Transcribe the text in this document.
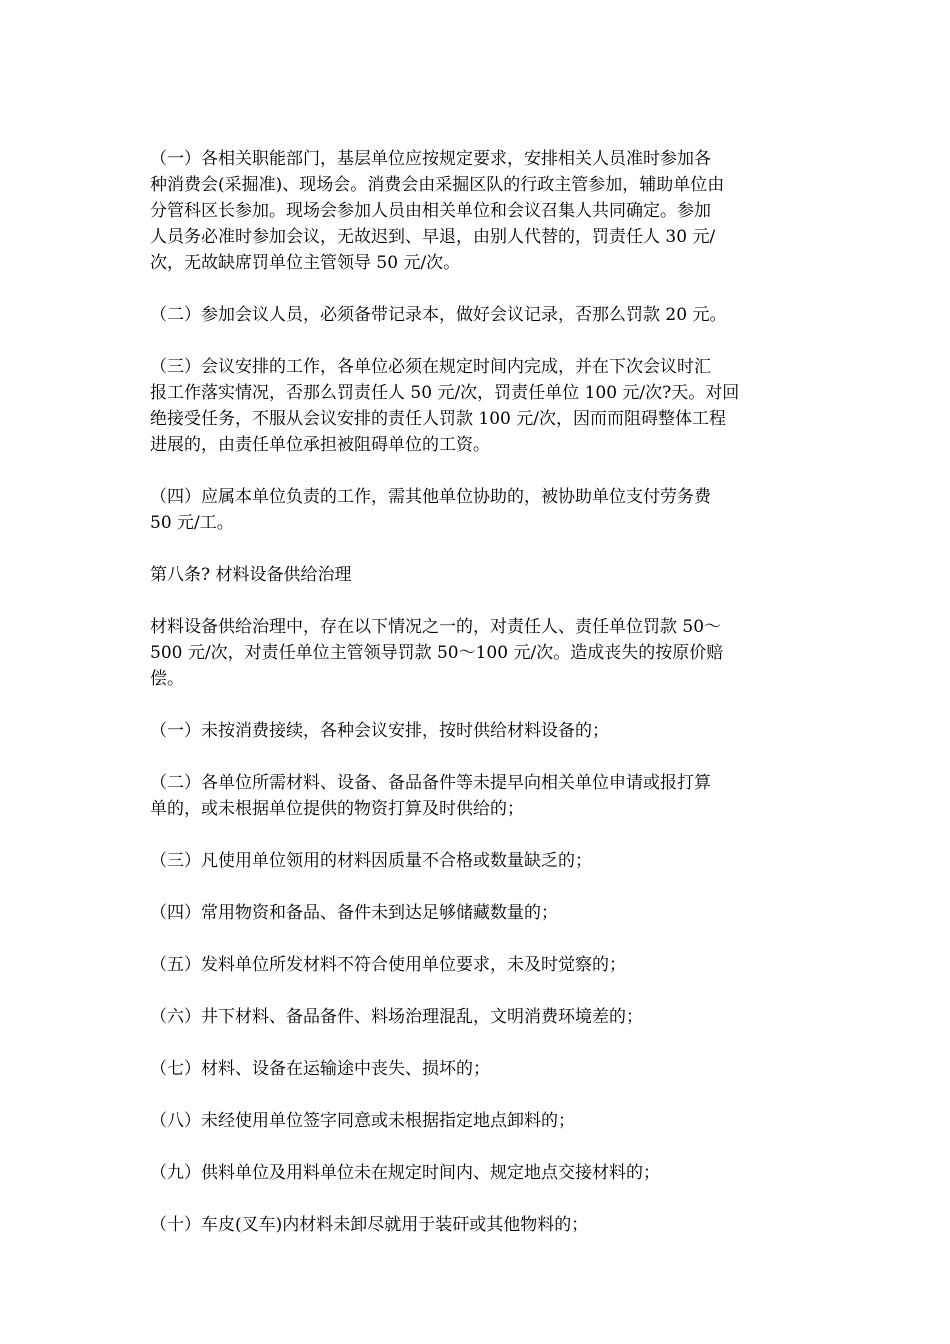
（一）各相关职能部门，基层单位应按规定要求，安排相关人员准时参加各
种消费会(采掘准)、现场会。消费会由采掘区队的行政主管参加，辅助单位由
分管科区长参加。现场会参加人员由相关单位和会议召集人共同确定。参加
人员务必准时参加会议，无故迟到、早退，由别人代替的，罚责任人 30 元/
次，无故缺席罚单位主管领导 50 元/次。

（二）参加会议人员，必须备带记录本，做好会议记录，否那么罚款 20 元。

（三）会议安排的工作，各单位必须在规定时间内完成，并在下次会议时汇
报工作落实情况，否那么罚责任人 50 元/次，罚责任单位 100 元/次?天。对回
绝接受任务，不服从会议安排的责任人罚款 100 元/次，因而而阻碍整体工程
进展的，由责任单位承担被阻碍单位的工资。

（四）应属本单位负责的工作，需其他单位协助的，被协助单位支付劳务费
50 元/工。

第八条? 材料设备供给治理

材料设备供给治理中，存在以下情况之一的，对责任人、责任单位罚款 50～
500 元/次，对责任单位主管领导罚款 50～100 元/次。造成丧失的按原价赔
偿。

（一）未按消费接续，各种会议安排，按时供给材料设备的；

（二）各单位所需材料、设备、备品备件等未提早向相关单位申请或报打算
单的，或未根据单位提供的物资打算及时供给的；

（三）凡使用单位领用的材料因质量不合格或数量缺乏的；

（四）常用物资和备品、备件未到达足够储藏数量的；

（五）发料单位所发材料不符合使用单位要求，未及时觉察的；

（六）井下材料、备品备件、料场治理混乱，文明消费环境差的；

（七）材料、设备在运输途中丧失、损坏的；

（八）未经使用单位签字同意或未根据指定地点卸料的；

（九）供料单位及用料单位未在规定时间内、规定地点交接材料的；

（十）车皮(叉车)内材料未卸尽就用于装矸或其他物料的；
